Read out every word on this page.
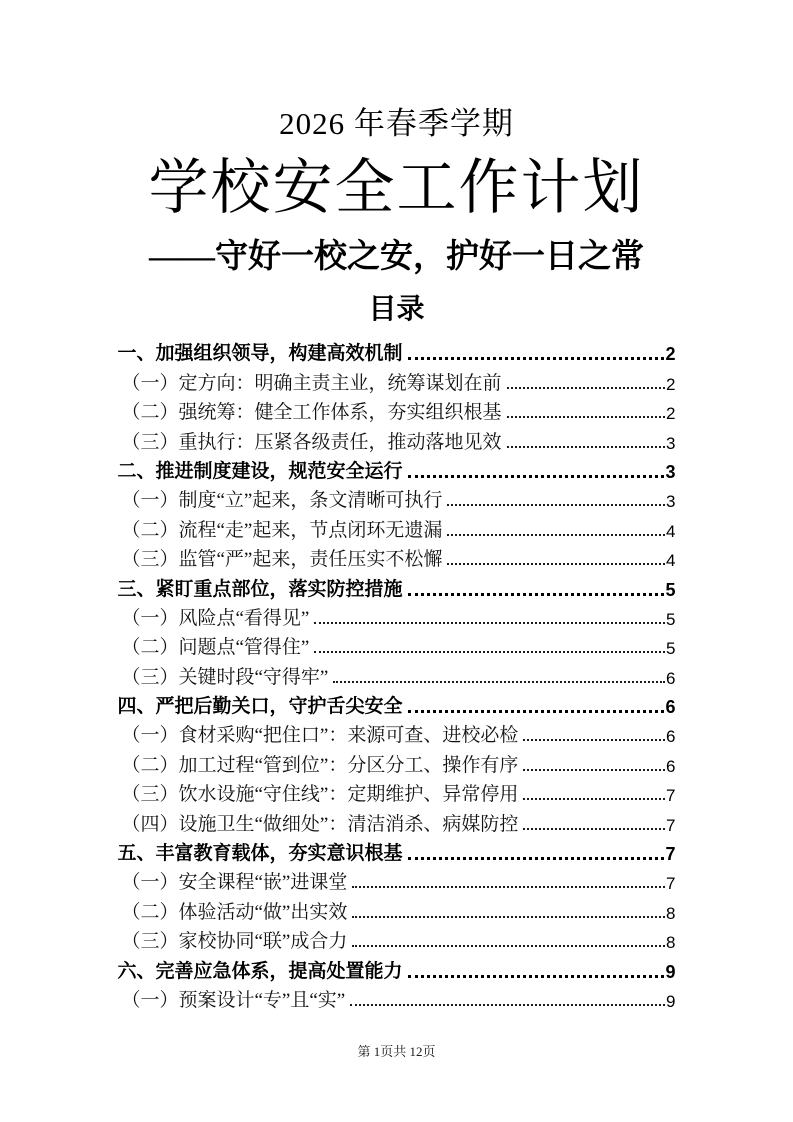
2026 年春季学期
学校安全工作计划
——守好一校之安，护好一日之常
目录
一、加强组织领导，构建高效机制	2
（一）定方向：明确主责主业，统筹谋划在前	2
（二）强统筹：健全工作体系，夯实组织根基	2
（三）重执行：压紧各级责任，推动落地见效	3
二、推进制度建设，规范安全运行	3
（一）制度“立”起来，条文清晰可执行	3
（二）流程“走”起来，节点闭环无遗漏	4
（三）监管“严”起来，责任压实不松懈	4
三、紧盯重点部位，落实防控措施	5
（一）风险点“看得见”	5
（二）问题点“管得住”	5
（三）关键时段“守得牢”	6
四、严把后勤关口，守护舌尖安全	6
（一）食材采购“把住口”：来源可查、进校必检	6
（二）加工过程“管到位”：分区分工、操作有序	6
（三）饮水设施“守住线”：定期维护、异常停用	7
（四）设施卫生“做细处”：清洁消杀、病媒防控	7
五、丰富教育载体，夯实意识根基	7
（一）安全课程“嵌”进课堂	7
（二）体验活动“做”出实效	8
（三）家校协同“联”成合力	8
六、完善应急体系，提高处置能力	9
（一）预案设计“专”且“实”	9
第 1页共 12页
